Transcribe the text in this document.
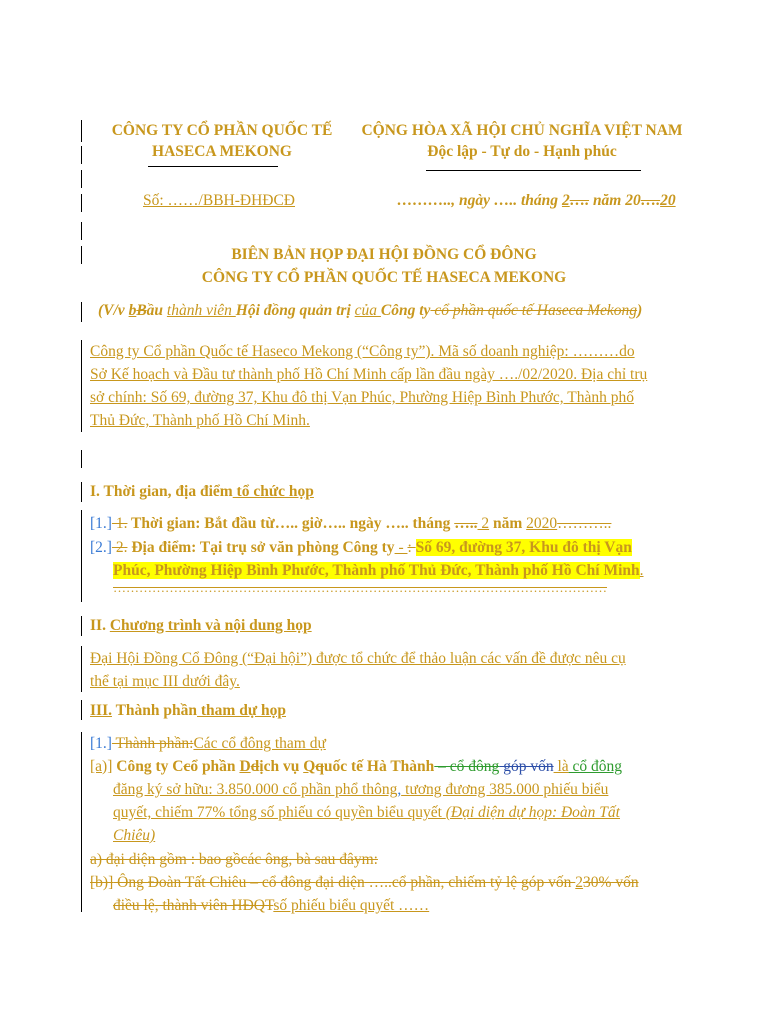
CÔNG TY CỔ PHẦN QUỐC TẾ
HASECA MEKONG
CỘNG HÒA XÃ HỘI CHỦ NGHĨA VIỆT NAM
Độc lập - Tự do - Hạnh phúc
Số: ……/BBH-ĐHĐCĐ	……….., ngày ….. tháng 2…. năm 20….20
BIÊN BẢN HỌP ĐẠI HỘI ĐỒNG CỔ ĐÔNG
CÔNG TY CỔ PHẦN QUỐC TẾ HASECA MEKONG
(V/v bBầu thành viên Hội đồng quản trị của Công ty cổ phần quốc tế Haseca Mekong)
Công ty Cổ phần Quốc tế Haseco Mekong (“Công ty”). Mã số doanh nghiệp: ………do
Sở Kế hoạch và Đầu tư thành phố Hồ Chí Minh cấp lần đầu ngày …./02/2020. Địa chỉ trụ
sở chính: Số 69, đường 37, Khu đô thị Vạn Phúc, Phường Hiệp Bình Phước, Thành phố
Thủ Đức, Thành phố Hồ Chí Minh.
I. Thời gian, địa điểm tổ chức họp
[1.] 1. Thời gian: Bắt đầu từ….. giờ….. ngày ….. tháng ….. 2 năm 2020………..
[2.] 2. Địa điểm: Tại trụ sở văn phòng Công ty - : Số 69, đường 37, Khu đô thị Vạn
Phúc, Phường Hiệp Bình Phước, Thành phố Thủ Đức, Thành phố Hồ Chí Minh.
……………………………………………………………………………………………………
II. Chương trình và nội dung họp
Đại Hội Đồng Cổ Đông (“Đại hội”) được tổ chức để thảo luận các vấn đề được nêu cụ
thể tại mục III dưới đây.
III. Thành phần tham dự họp
[1.] Thành phần:Các cổ đông tham dự
[a)] Công ty Ccổ phần Ddịch vụ Qquốc tế Hà Thành – cổ đông góp vốn là cổ đông
đăng ký sở hữu: 3.850.000 cổ phần phổ thông, tương đương 385.000 phiếu biểu
quyết, chiếm 77% tổng số phiếu có quyền biểu quyết (Đại diện dự họp: Đoàn Tất
Chiêu)
a) đại diện gồm : bao gồcác ông, bà sau đâym:
[b)] Ông Đoàn Tất Chiêu – cổ đông đại diện …..cổ phần, chiếm tỷ lệ góp vốn 230% vốn
điều lệ, thành viên HĐQTsố phiếu biểu quyết ……
